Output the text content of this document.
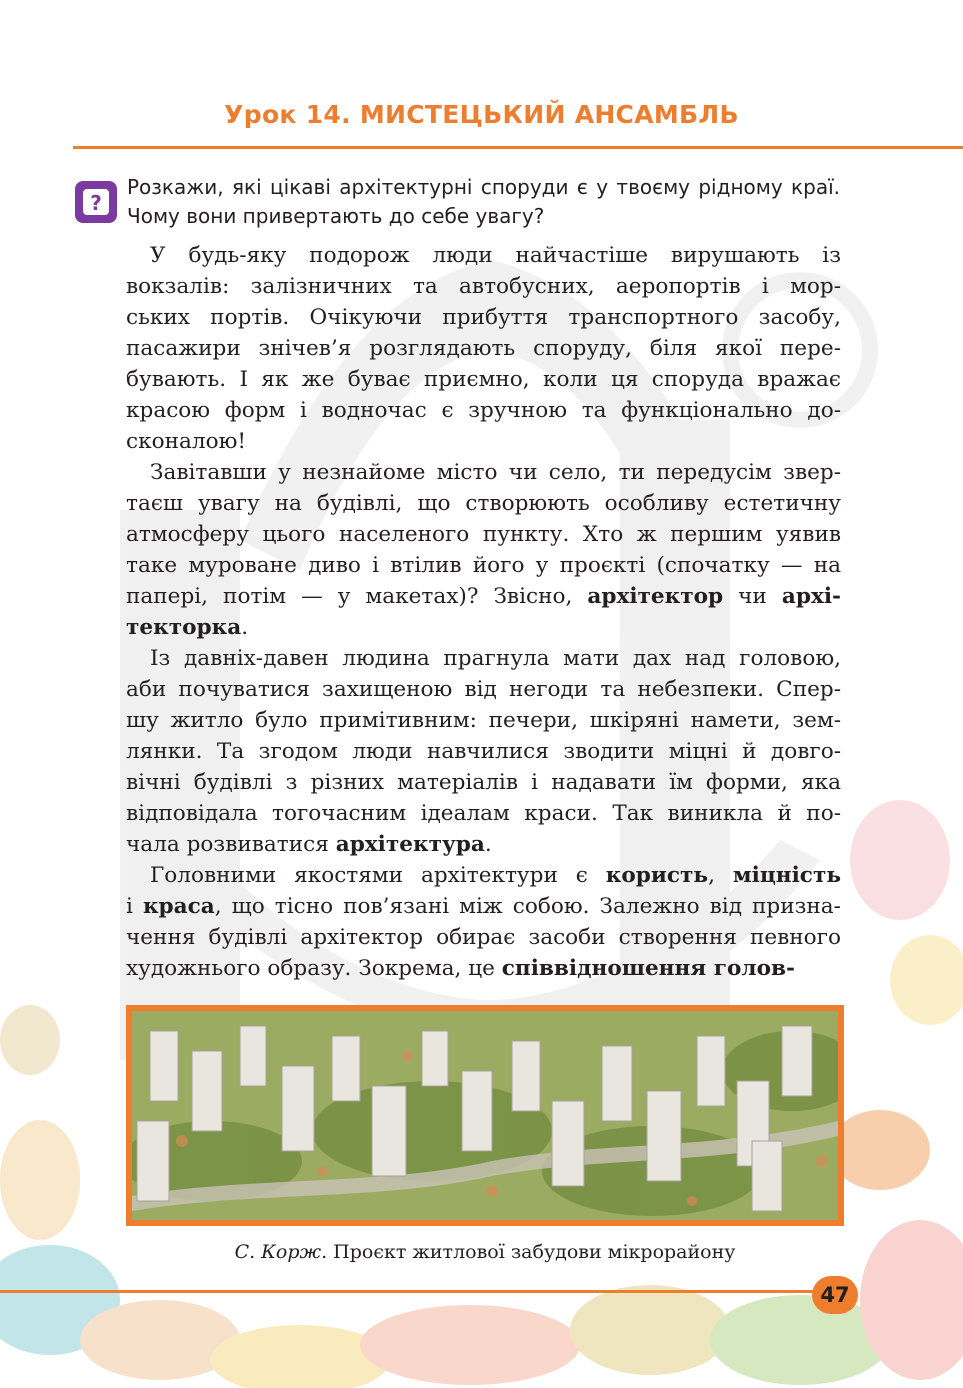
Урок 14. МИСТЕЦЬКИЙ АНСАМБЛЬ
?
Розкажи, які цікаві архітектурні споруди є у твоєму рідному краї. Чому вони привертають до себе увагу?
У будь-яку подорож люди найчастіше вирушають із
вокзалів: залізничних та автобусних, аеропортів і мор-
ських портів. Очікуючи прибуття транспортного засобу,
пасажири знічев’я розглядають споруду, біля якої пере-
бувають. І як же буває приємно, коли ця споруда вражає
красою форм і водночас є зручною та функціонально до-
сконалою!
Завітавши у незнайоме місто чи село, ти передусім звер-
таєш увагу на будівлі, що створюють особливу естетичну
атмосферу цього населеного пункту. Хто ж першим уявив
таке муроване диво і втілив його у проєкті (спочатку — на
папері, потім — у макетах)? Звісно, архітектор чи архі-
текторка.
Із давніх-давен людина прагнула мати дах над головою,
аби почуватися захищеною від негоди та небезпеки. Спер-
шу житло було примітивним: печери, шкіряні намети, зем-
лянки. Та згодом люди навчилися зводити міцні й довго-
вічні будівлі з різних матеріалів і надавати їм форми, яка
відповідала тогочасним ідеалам краси. Так виникла й по-
чала розвиватися архітектура.
Головними якостями архітектури є користь, міцність
і краса, що тісно пов’язані між собою. Залежно від призна-
чення будівлі архітектор обирає засоби створення певного
художнього образу. Зокрема, це співвідношення голов-
С. Корж. Проєкт житлової забудови мікрорайону
47
